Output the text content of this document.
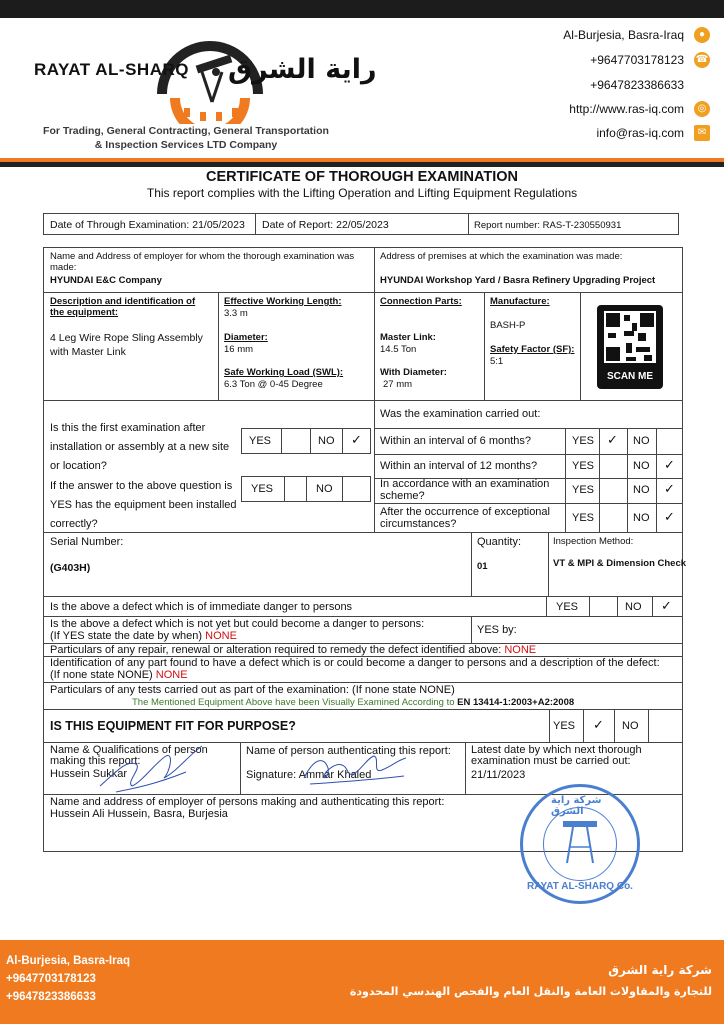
RAYAT AL-SHARQ راية الشرق
For Trading, General Contracting, General Transportation
& Inspection Services LTD Company
Al-Burjesia, Basra-Iraq	●
+9647703178123 ☎
+9647823386633
http://www.ras-iq.com	◎
info@ras-iq.com	✉
CERTIFICATE OF THOROUGH EXAMINATION
This report complies with the Lifting Operation and Lifting Equipment Regulations
Date of Through Examination: 21/05/2023 Date of Report: 22/05/2023	Report number: RAS-T-230550931
Name and Address of employer for whom the thorough examination was made:
HYUNDAI E&C Company
Address of premises at which the examination was made:
HYUNDAI Workshop Yard / Basra Refinery Upgrading Project
Description and identification of the equipment:
4 Leg Wire Rope Sling Assembly with Master Link
Effective Working Length:
3.3 m
Diameter:
16 mm
Safe Working Load (SWL):
6.3 Ton @ 0-45 Degree
Connection Parts:
Master Link:
14.5 Ton
With Diameter:
27 mm
Manufacture:
BASH-P
Safety Factor (SF):
5:1
SCAN ME
Is this the first examination after installation or assembly at a new site or location?
YES	NO ✓
If the answer to the above question is YES has the equipment been installed correctly?
YES	NO
Was the examination carried out:
Within an interval of 6 months?	YES ✓ NO
Within an interval of 12 months?	YES	NO ✓
In accordance with an examination scheme?	YES	NO ✓
After the occurrence of exceptional circumstances?	YES	NO ✓
Serial Number:
(G403H)
Quantity:
01
Inspection Method:
VT & MPI & Dimension Check
Is the above a defect which is of immediate danger to persons	YES	NO ✓
Is the above a defect which is not yet but could become a danger to persons:
(If YES state the date by when) NONE	YES by:
Particulars of any repair, renewal or alteration required to remedy the defect identified above: NONE
Identification of any part found to have a defect which is or could become a danger to persons and a description of the defect:
(If none state NONE) NONE
Particulars of any tests carried out as part of the examination: (If none state NONE)
The Mentioned Equipment Above have been Visually Examined According to EN 13414-1:2003+A2:2008
IS THIS EQUIPMENT FIT FOR PURPOSE?	YES ✓ NO
Name & Qualifications of person making this report:
Hussein Sukkar
Name of person authenticating this report:
Signature: Ammar Khaled
Latest date by which next thorough examination must be carried out:
21/11/2023
Name and address of employer of persons making and authenticating this report:
Hussein Ali Hussein, Basra, Burjesia
شركة راية الشرق
RAYAT AL-SHARQ Co.
Al-Burjesia, Basra-Iraq
+9647703178123
+9647823386633
شركة راية الشرق
للتجارة والمقاولات العامة والنقل العام والفحص الهندسي المحدودة
